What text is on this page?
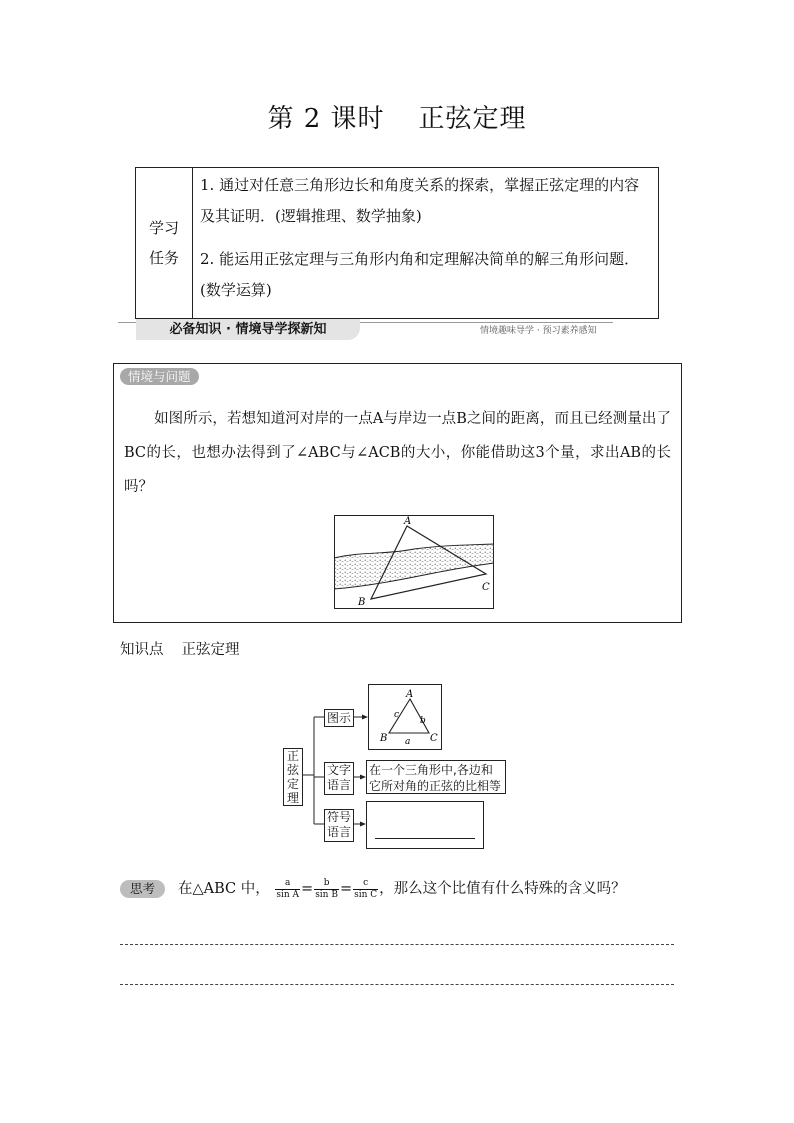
第 2 课时 正弦定理
学习
任务

1. 通过对任意三角形边长和角度关系的探索，掌握正弦定理的内容及其证明．(逻辑推理、数学抽象)

2. 能运用正弦定理与三角形内角和定理解决简单的解三角形问题．(数学运算)

必备知识 · 情境导学探新知	情境趣味导学 · 预习素养感知
情境与问题
如图所示，若想知道河对岸的一点A与岸边一点B之间的距离，而且已经测量出了BC的长，也想办法得到了∠ABC与∠ACB的大小，你能借助这3个量，求出AB的长吗？
A
B
C
知识点 正弦定理
正弦定理
图示
文字语言
符号语言
A
B	C
a
b
c
在一个三角形中,各边和它所对角的正弦的比相等
思考	在△ABC 中， $\frac{a}{\text{sin A}} = \frac{b}{\text{sin B}} = \frac{c}{\text{sin C}}$ ，那么这个比值有什么特殊的含义吗？
